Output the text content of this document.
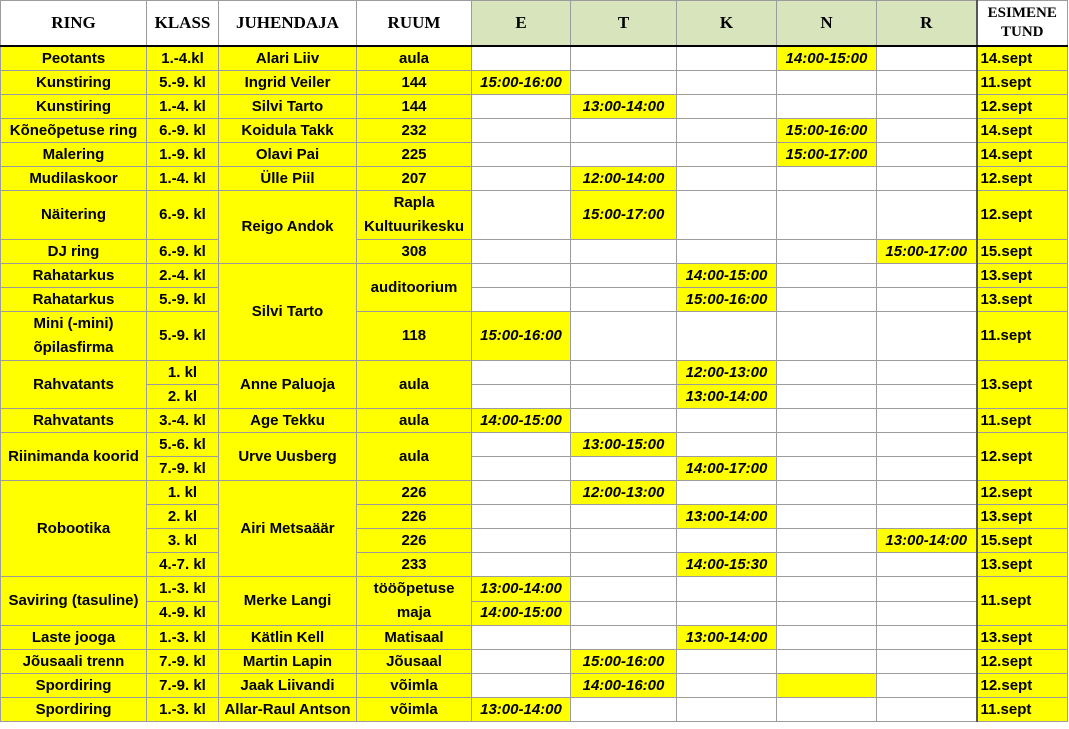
RING	KLASS	JUHENDAJA	RUUM	E	T	K	N	R	ESIMENE TUND
Peotants	1.-4.kl	Alari Liiv	aula				14:00-15:00		14.sept
Kunstiring	5.-9. kl	Ingrid Veiler	144	15:00-16:00					11.sept
Kunstiring	1.-4. kl	Silvi Tarto	144		13:00-14:00				12.sept
Kõneõpetuse ring	6.-9. kl	Koidula Takk	232				15:00-16:00		14.sept
Malering	1.-9. kl	Olavi Pai	225				15:00-17:00		14.sept
Mudilaskoor	1.-4. kl	Ülle Piil	207		12:00-14:00				12.sept
Näitering	6.-9. kl	Reigo Andok	Rapla Kultuurikesku		15:00-17:00				12.sept
DJ ring	6.-9. kl		308					15:00-17:00	15.sept
Rahatarkus	2.-4. kl	Silvi Tarto	auditoorium			14:00-15:00			13.sept
Rahatarkus	5.-9. kl					15:00-16:00			13.sept
Mini (-mini) õpilasfirma	5.-9. kl		118	15:00-16:00					11.sept
Rahvatants	1. kl	Anne Paluoja	aula			12:00-13:00			13.sept
	2. kl					13:00-14:00			
Rahvatants	3.-4. kl	Age Tekku	aula	14:00-15:00					11.sept
Riinimanda koorid	5.-6. kl	Urve Uusberg	aula		13:00-15:00				12.sept
	7.-9. kl					14:00-17:00			
Robootika	1. kl	Airi Metsaäär	226		12:00-13:00				12.sept
	2. kl		226			13:00-14:00			13.sept
	3. kl		226					13:00-14:00	15.sept
	4.-7. kl		233			14:00-15:30			13.sept
Saviring (tasuline)	1.-3. kl	Merke Langi	tööõpetuse maja	13:00-14:00					11.sept
	4.-9. kl			14:00-15:00					
Laste jooga	1.-3. kl	Kätlin Kell	Matisaal			13:00-14:00			13.sept
Jõusaali trenn	7.-9. kl	Martin Lapin	Jõusaal		15:00-16:00				12.sept
Spordiring	7.-9. kl	Jaak Liivandi	võimla		14:00-16:00				12.sept
Spordiring	1.-3. kl	Allar-Raul Antson	võimla	13:00-14:00					11.sept
